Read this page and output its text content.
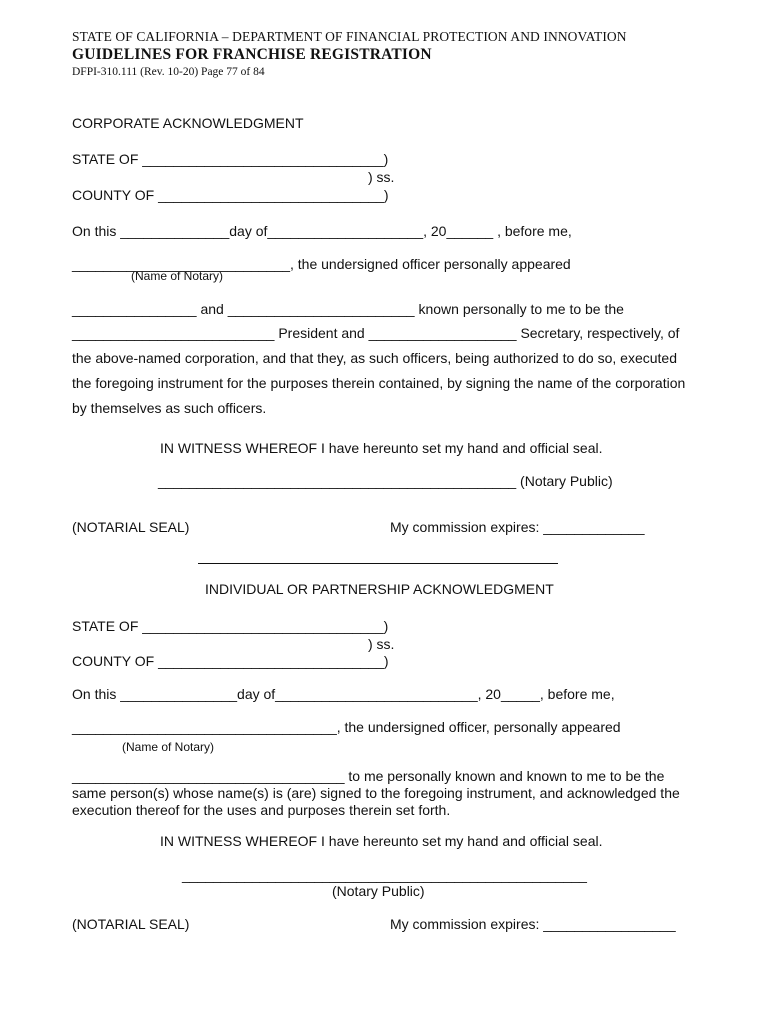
STATE OF CALIFORNIA – DEPARTMENT OF FINANCIAL PROTECTION AND INNOVATION
GUIDELINES FOR FRANCHISE REGISTRATION
DFPI-310.111 (Rev. 10-20) Page 77 of 84
CORPORATE ACKNOWLEDGMENT
STATE OF _______________________________)
) ss.
COUNTY OF _____________________________)
On this ______________day of____________________, 20______ , before me,
____________________________, the undersigned officer personally appeared
(Name of Notary)
________________ and ________________________ known personally to me to be the
__________________________ President and ___________________ Secretary, respectively, of
the above-named corporation, and that they, as such officers, being authorized to do so, executed
the foregoing instrument for the purposes therein contained, by signing the name of the corporation
by themselves as such officers.
IN WITNESS WHEREOF I have hereunto set my hand and official seal.
______________________________________________ (Notary Public)
(NOTARIAL SEAL)	My commission expires: _____________
INDIVIDUAL OR PARTNERSHIP ACKNOWLEDGMENT
STATE OF _______________________________)
) ss.
COUNTY OF _____________________________)
On this _______________day of__________________________, 20_____, before me,
__________________________________, the undersigned officer, personally appeared
(Name of Notary)
___________________________________ to me personally known and known to me to be the
same person(s) whose name(s) is (are) signed to the foregoing instrument, and acknowledged the
execution thereof for the uses and purposes therein set forth.
IN WITNESS WHEREOF I have hereunto set my hand and official seal.
____________________________________________________
(Notary Public)
(NOTARIAL SEAL)	My commission expires: _________________
